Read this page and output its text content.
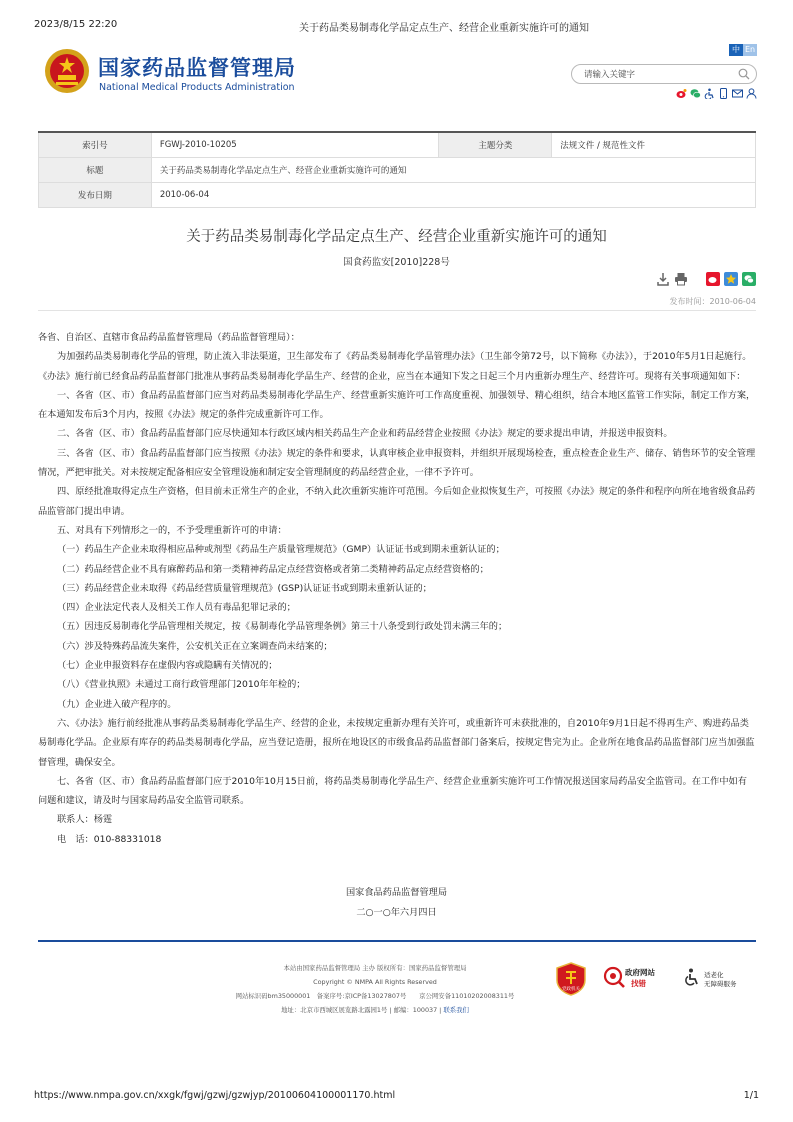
2023/8/15 22:20	关于药品类易制毒化学品定点生产、经营企业重新实施许可的通知
国家药品监督管理局
National Medical Products Administration
中 En
请输入关键字
索引号	FGWJ-2010-10205	主题分类	法规文件 / 规范性文件
标题	关于药品类易制毒化学品定点生产、经营企业重新实施许可的通知		
发布日期	2010-06-04		
关于药品类易制毒化学品定点生产、经营企业重新实施许可的通知
国食药监安[2010]228号
发布时间：2010-06-04

各省、自治区、直辖市食品药品监督管理局（药品监督管理局）：

为加强药品类易制毒化学品的管理，防止流入非法渠道，卫生部发布了《药品类易制毒化学品管理办法》（卫生部令第72号，以下简称《办法》），于2010年5月1日起施行。《办法》施行前已经食品药品监督部门批准从事药品类易制毒化学品生产、经营的企业，应当在本通知下发之日起三个月内重新办理生产、经营许可。现将有关事项通知如下：

一、各省（区、市）食品药品监督部门应当对药品类易制毒化学品生产、经营重新实施许可工作高度重视、加强领导、精心组织，结合本地区监管工作实际，制定工作方案，在本通知发布后3个月内，按照《办法》规定的条件完成重新许可工作。

二、各省（区、市）食品药品监督部门应尽快通知本行政区域内相关药品生产企业和药品经营企业按照《办法》规定的要求提出申请，并报送申报资料。

三、各省（区、市）食品药品监督部门应当按照《办法》规定的条件和要求，认真审核企业申报资料，并组织开展现场检查，重点检查企业生产、储存、销售环节的安全管理情况，严把审批关。对未按规定配备相应安全管理设施和制定安全管理制度的药品经营企业，一律不予许可。

四、原经批准取得定点生产资格，但目前未正常生产的企业，不纳入此次重新实施许可范围。今后如企业拟恢复生产，可按照《办法》规定的条件和程序向所在地省级食品药品监管部门提出申请。

五、对具有下列情形之一的，不予受理重新许可的申请：

（一）药品生产企业未取得相应品种或剂型《药品生产质量管理规范》（GMP）认证证书或到期未重新认证的；

（二）药品经营企业不具有麻醉药品和第一类精神药品定点经营资格或者第二类精神药品定点经营资格的；

（三）药品经营企业未取得《药品经营质量管理规范》(GSP)认证证书或到期未重新认证的；

（四）企业法定代表人及相关工作人员有毒品犯罪记录的；

（五）因违反易制毒化学品管理相关规定，按《易制毒化学品管理条例》第三十八条受到行政处罚未满三年的；

（六）涉及特殊药品流失案件，公安机关正在立案调查尚未结案的；

（七）企业申报资料存在虚假内容或隐瞒有关情况的；

（八）《营业执照》未通过工商行政管理部门2010年年检的；

（九）企业进入破产程序的。

六、《办法》施行前经批准从事药品类易制毒化学品生产、经营的企业，未按规定重新办理有关许可，或重新许可未获批准的，自2010年9月1日起不得再生产、购进药品类易制毒化学品。企业原有库存的药品类易制毒化学品，应当登记造册，报所在地设区的市级食品药品监督部门备案后，按规定售完为止。企业所在地食品药品监督部门应当加强监督管理，确保安全。

七、各省（区、市）食品药品监督部门应于2010年10月15日前，将药品类易制毒化学品生产、经营企业重新实施许可工作情况报送国家局药品安全监管司。在工作中如有问题和建议，请及时与国家局药品安全监管司联系。

联系人：杨霆

电　话：010-88331018

国家食品药品监督管理局
二○一○年六月四日
本站由国家药品监督管理局 主办 版权所有：国家药品监督管理局
Copyright © NMPA All Rights Reserved
网站标识码bm35000001　备案序号:京ICP备13027807号　　京公网安备11010202008311号
地址：北京市西城区展览路北露园1号 | 邮编：100037 | 联系我们
党政机关
政府网站
找错
适老化
无障碍服务
https://www.nmpa.gov.cn/xxgk/fgwj/gzwj/gzwjyp/20100604100001170.html	1/1
